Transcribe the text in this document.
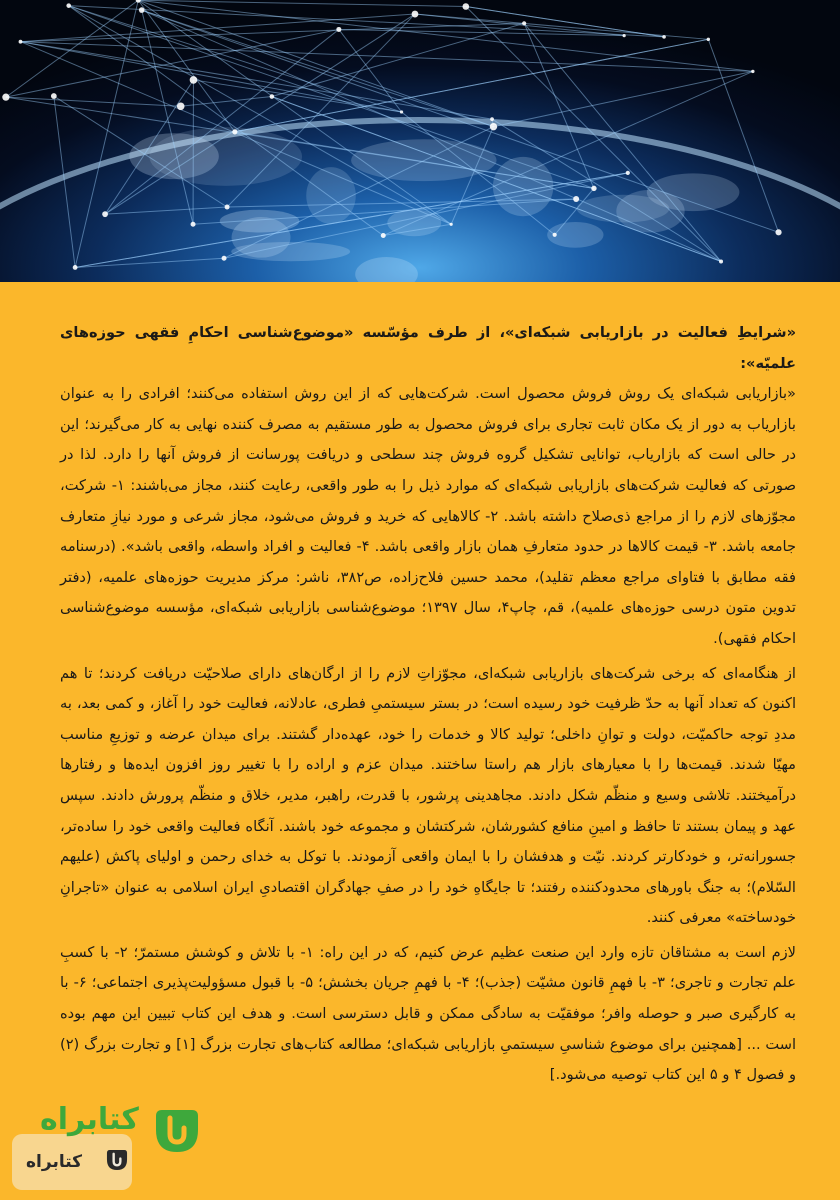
«شرایطِ فعالیت در بازاریابی شبکه‌ای»، از طرف مؤسّسه «موضوع‌شناسی احکامِ فقهی حوزه‌های علمیّه»:

«بازاریابی شبکه‌ای یک روش فروش محصول است. شرکت‌هایی که از این روش استفاده می‌کنند؛ افرادی را به عنوان بازاریاب به دور از یک مکان ثابت تجاری برای فروش محصول به طور مستقیم به مصرف کننده نهایی به کار می‌گیرند؛ این در حالی است که بازاریاب، توانایی تشکیل گروه فروش چند سطحی و دریافت پورسانت از فروش آنها را دارد. لذا در صورتی که فعالیت شرکت‌های بازاریابی شبکه‌ای که موارد ذیل را به طور واقعی، رعایت کنند، مجاز می‌باشند: ۱- شرکت، مجوّزهای لازم را از مراجع ذی‌صلاح داشته باشد. ۲- کالاهایی که خرید و فروش می‌شود، مجاز شرعی و مورد نیازِ متعارف جامعه باشد. ۳- قیمت کالاها در حدود متعارفِ همان بازار واقعی باشد. ۴- فعالیت و افراد واسطه، واقعی باشد». (درسنامه فقه مطابق با فتاوای مراجع معظم تقلید)، محمد حسین فلاح‌زاده، ص۳۸۲، ناشر: مرکز مدیریت حوزه‌های علمیه، (دفتر تدوین متون درسی حوزه‌های علمیه)، قم، چاپ۴، سال ۱۳۹۷؛ موضوع‌شناسی بازاریابی شبکه‌ای، مؤسسه موضوع‌شناسی احکام فقهی).

از هنگامه‌ای که برخی شرکت‌های بازاریابی شبکه‌ای، مجوّزاتِ لازم را از ارگان‌های دارای صلاحیّت دریافت کردند؛ تا هم اکنون که تعداد آنها به حدّ ظرفیت خود رسیده است؛ در بستر سیستمیِ فطری، عادلانه، فعالیت خود را آغاز، و کمی بعد، به مددِ توجه حاکمیّت، دولت و توانِ داخلی؛ تولید کالا و خدمات را خود، عهده‌دار گشتند. برای میدان عرضه و توزیعِ مناسب مهیّا شدند. قیمت‌ها را با معیارهای بازار هم راستا ساختند. میدان عزم و اراده را با تغییر روز افزون ایده‌ها و رفتارها درآمیختند. تلاشی وسیع و منظّم شکل دادند. مجاهدینی پرشور، با قدرت، راهبر، مدیر، خلاق و منظّم پرورش دادند. سپس عهد و پیمان بستند تا حافظ و امینِ منافع کشورشان، شرکتشان و مجموعه خود باشند. آنگاه فعالیت واقعی خود را ساده‌تر، جسورانه‌تر، و خودکارتر کردند. نیّت و هدفشان را با ایمان واقعی آزمودند. با توکل به خدای رحمن و اولیای پاکش (علیهم السّلام)؛ به جنگ باورهای محدودکننده رفتند؛ تا جایگاهِ خود را در صفِ جهادگران اقتصادیِ ایران اسلامی به عنوان «تاجرانِ خودساخته» معرفی کنند.

لازم است به مشتاقان تازه وارد این صنعت عظیم عرض کنیم، که در این راه: ۱- با تلاش و کوشش مستمرّ؛ ۲- با کسبِ علم تجارت و تاجری؛ ۳- با فهمِ قانون مشیّت (جذب)؛ ۴- با فهمِ جریان بخشش؛ ۵- با قبول مسؤولیت‌پذیری اجتماعی؛ ۶- با به کارگیری صبر و حوصله وافر؛ موفقیّت به سادگی ممکن و قابل دسترسی است. و هدف این کتاب تبیین این مهم بوده است ... [همچنین برای موضوع شناسیِ سیستمیِ بازاریابی شبکه‌ای؛ مطالعه کتاب‌های تجارت بزرگ [۱] و تجارت بزرگ (۲) و فصول ۴ و ۵ این کتاب توصیه می‌شود.]

کتابراه
کتابراه
